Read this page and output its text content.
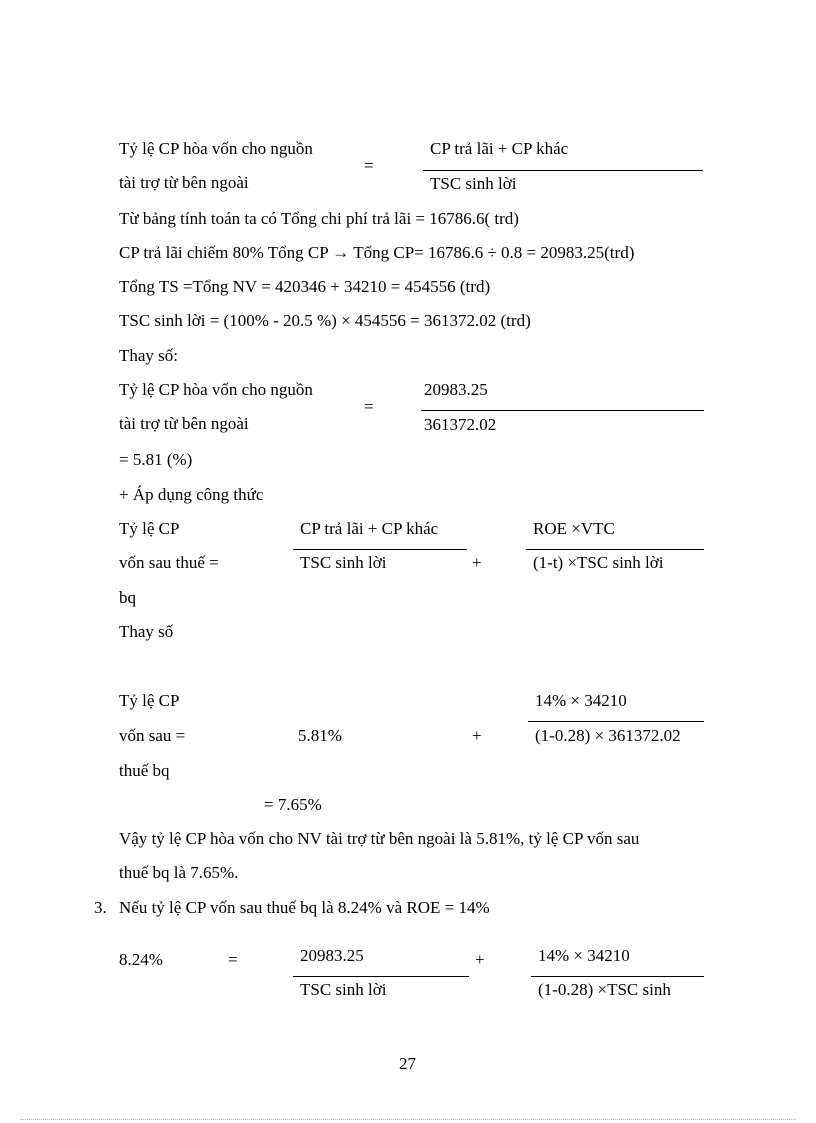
Tỷ lệ CP hòa vốn cho nguồn
tài trợ từ bên ngoài
=
CP trả lãi + CP khác
TSC sinh lời
Từ bảng tính toán ta có Tổng chi phí trả lãi = 16786.6( trd)
CP trả lãi chiếm 80% Tổng CP → Tổng CP= 16786.6 ÷ 0.8 = 20983.25(trd)
Tổng TS =Tổng NV = 420346 + 34210 = 454556 (trd)
TSC sinh lời = (100% - 20.5 %) × 454556 = 361372.02 (trd)
Thay số:
Tỷ lệ CP hòa vốn cho nguồn
tài trợ từ bên ngoài
=
20983.25
361372.02
= 5.81 (%)
+ Áp dụng công thức
Tỷ lệ CP
vốn sau thuế =
bq
CP trả lãi + CP khác
TSC sinh lời	+
ROE ×VTC
(1-t) ×TSC sinh lời
Thay số
Tỷ lệ CP
vốn sau =
thuế bq
5.81%	+
14% × 34210
(1-0.28) × 361372.02
= 7.65%
Vậy tỷ lệ CP hòa vốn cho NV tài trợ từ bên ngoài là 5.81%, tỷ lệ CP vốn sau
thuế bq là 7.65%.
3. Nếu tỷ lệ CP vốn sau thuế bq là 8.24% và ROE = 14%
8.24%	=	20983.25
TSC sinh lời
+	14% × 34210
(1-0.28) ×TSC sinh
27
